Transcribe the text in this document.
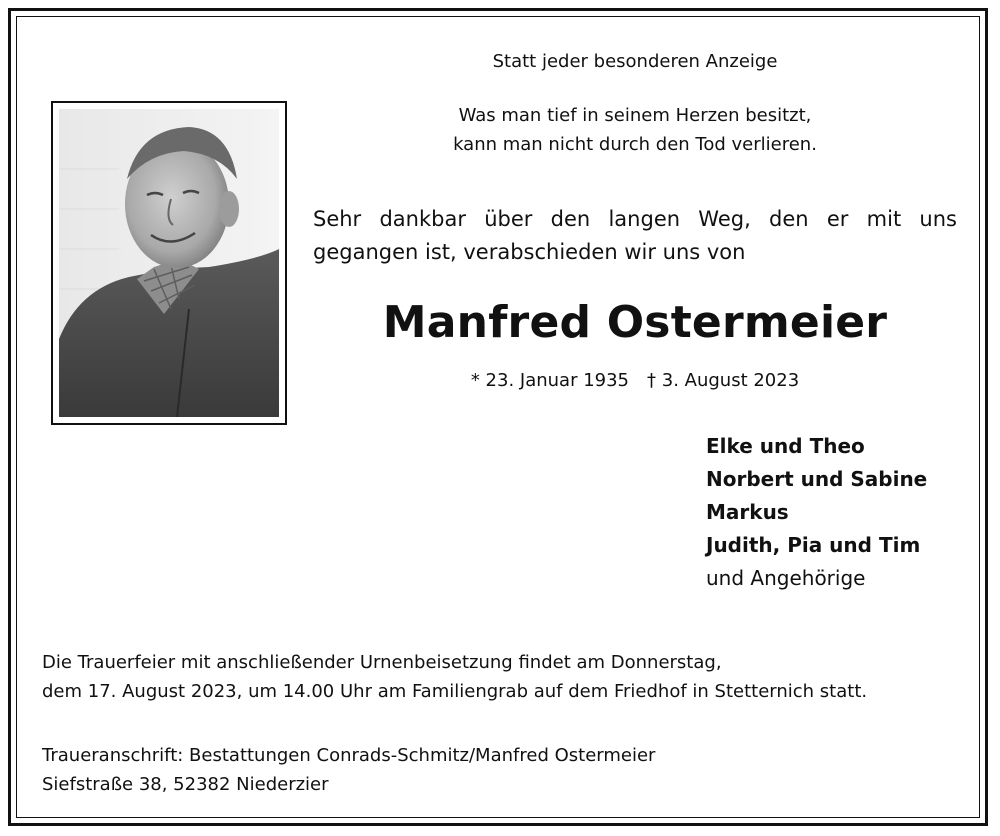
Statt jeder besonderen Anzeige
Was man tief in seinem Herzen besitzt,
kann man nicht durch den Tod verlieren.
Sehr dankbar über den langen Weg, den er mit uns
gegangen ist, verabschieden wir uns von
Manfred Ostermeier
* 23. Januar 1935 † 3. August 2023
Elke und Theo
Norbert und Sabine
Markus
Judith, Pia und Tim
und Angehörige
Die Trauerfeier mit anschließender Urnenbeisetzung findet am Donnerstag,
dem 17. August 2023, um 14.00 Uhr am Familiengrab auf dem Friedhof in Stetternich statt.
Traueranschrift: Bestattungen Conrads-Schmitz/Manfred Ostermeier
Siefstraße 38, 52382 Niederzier
